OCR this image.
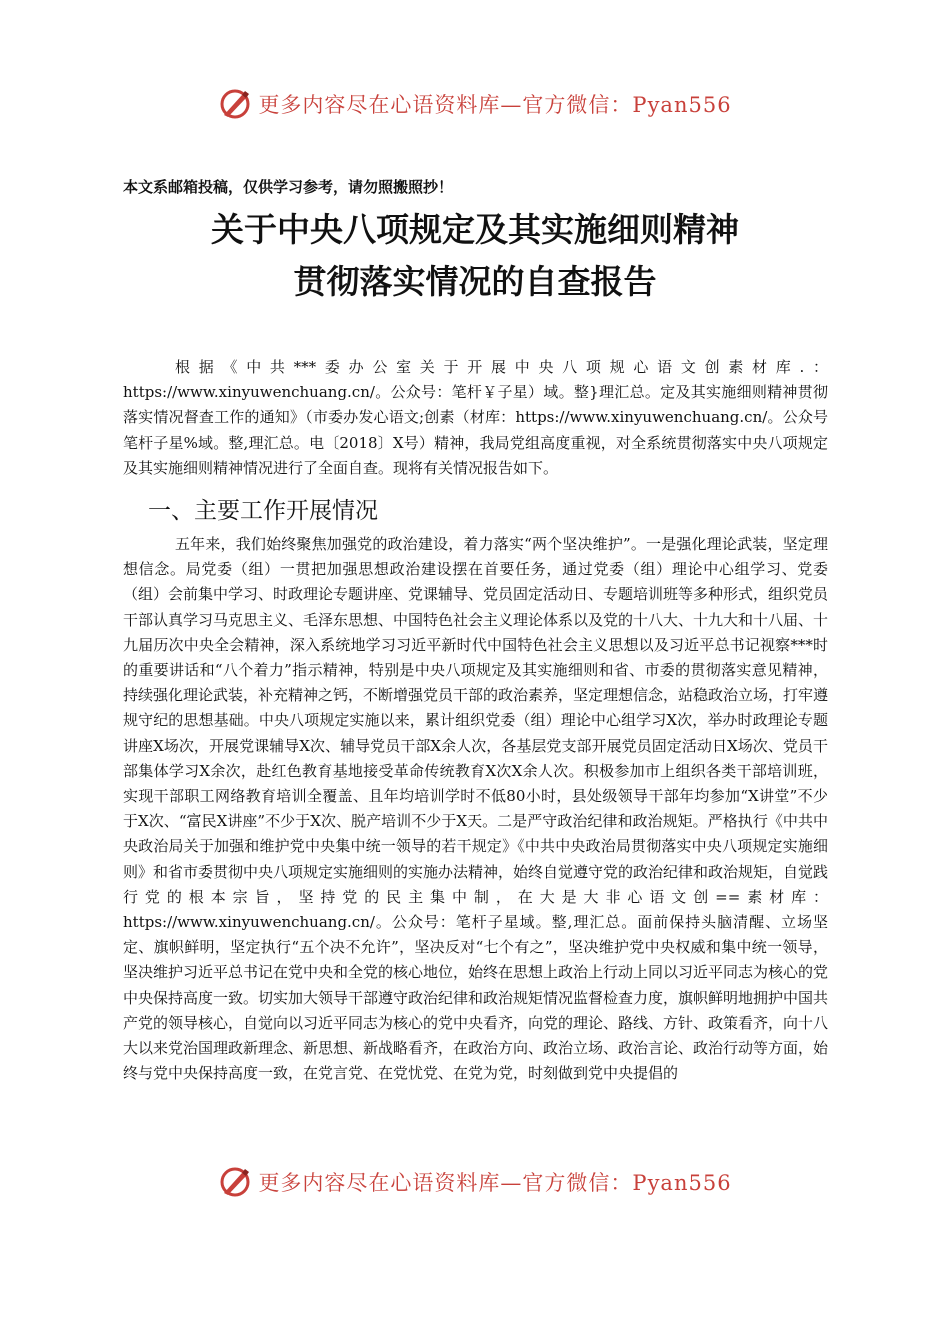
更多内容尽在心语资料库—官方微信：Pyan556
本文系邮箱投稿，仅供学习参考，请勿照搬照抄！
关于中央八项规定及其实施细则精神
贯彻落实情况的自查报告
根据《中共***委办公室关于开展中央八项规心语文创素材库.：https://www.xinyuwenchuang.cn/。公众号：笔杆￥子星）域。整}理汇总。定及其实施细则精神贯彻落实情况督查工作的通知》（市委办发心语文;创素（材库：https://www.xinyuwenchuang.cn/。公众号笔杆子星%域。整,理汇总。电〔2018〕X号）精神，我局党组高度重视，对全系统贯彻落实中央八项规定及其实施细则精神情况进行了全面自查。现将有关情况报告如下。
一、主要工作开展情况
五年来，我们始终聚焦加强党的政治建设，着力落实“两个坚决维护”。一是强化理论武装，坚定理想信念。局党委（组）一贯把加强思想政治建设摆在首要任务，通过党委（组）理论中心组学习、党委（组）会前集中学习、时政理论专题讲座、党课辅导、党员固定活动日、专题培训班等多种形式，组织党员干部认真学习马克思主义、毛泽东思想、中国特色社会主义理论体系以及党的十八大、十九大和十八届、十九届历次中央全会精神，深入系统地学习习近平新时代中国特色社会主义思想以及习近平总书记视察***时的重要讲话和“八个着力”指示精神，特别是中央八项规定及其实施细则和省、市委的贯彻落实意见精神，持续强化理论武装，补充精神之钙，不断增强党员干部的政治素养，坚定理想信念，站稳政治立场，打牢遵规守纪的思想基础。中央八项规定实施以来，累计组织党委（组）理论中心组学习X次，举办时政理论专题讲座X场次，开展党课辅导X次、辅导党员干部X余人次，各基层党支部开展党员固定活动日X场次、党员干部集体学习X余次，赴红色教育基地接受革命传统教育X次X余人次。积极参加市上组织各类干部培训班，实现干部职工网络教育培训全覆盖、且年均培训学时不低80小时，县处级领导干部年均参加“X讲堂”不少于X次、“富民X讲座”不少于X次、脱产培训不少于X天。二是严守政治纪律和政治规矩。严格执行《中共中央政治局关于加强和维护党中央集中统一领导的若干规定》《中共中央政治局贯彻落实中央八项规定实施细则》和省市委贯彻中央八项规定实施细则的实施办法精神，始终自觉遵守党的政治纪律和政治规矩，自觉践行党的根本宗旨，坚持党的民主集中制，在大是大非心语文创==素材库：https://www.xinyuwenchuang.cn/。公众号：笔杆子星域。整,理汇总。面前保持头脑清醒、立场坚定、旗帜鲜明，坚定执行“五个决不允许”，坚决反对“七个有之”，坚决维护党中央权威和集中统一领导，坚决维护习近平总书记在党中央和全党的核心地位，始终在思想上政治上行动上同以习近平同志为核心的党中央保持高度一致。切实加大领导干部遵守政治纪律和政治规矩情况监督检查力度，旗帜鲜明地拥护中国共产党的领导核心，自觉向以习近平同志为核心的党中央看齐，向党的理论、路线、方针、政策看齐，向十八大以来党治国理政新理念、新思想、新战略看齐，在政治方向、政治立场、政治言论、政治行动等方面，始终与党中央保持高度一致，在党言党、在党忧党、在党为党，时刻做到党中央提倡的
更多内容尽在心语资料库—官方微信：Pyan556
